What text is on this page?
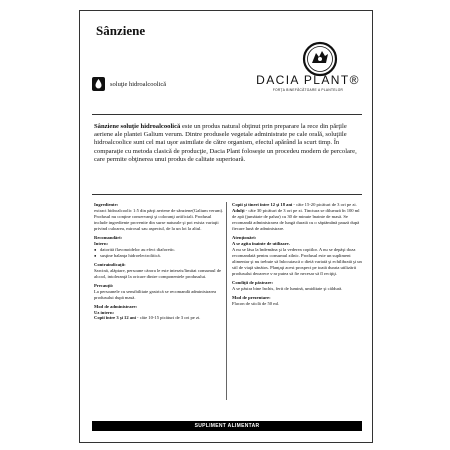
Sânziene
soluţie hidroalcoolică	DACIA PLANT®
FORŢA BINEFĂCĂTOARE A PLANTELOR
Sânziene soluţie hidroalcoolică este un produs natural obţinut prin preparare la rece din părţile aeriene ale plantei Galium verum. Dintre produsele vegetale administrate pe cale orală, soluţiile hidroalcoolice sunt cel mai uşor asimilate de către organism, efectul apărând la scurt timp. În comparaţie cu metoda clasică de producţie, Dacia Plant foloseşte un procedeu modern de percolare, care permite obţinerea unui produs de calitate superioară.
Ingrediente:
extract hidroalcoolic 1:5 din părţi aeriene de sânziene(Galium verum). Produsul nu conţine conservanţi şi coloranţi artificiali. Produsul include ingrediente provenite din surse naturale şi pot exista variaţii privind culoarea, mirosul sau aspectul, de la un lot la altul.
Recomandări:
Intern:
● datorită flavonoidelor au efect diaforetic.
● susţine balanţa hidroelectrolitică.
Contraindicaţii:
Sarcină, alăptare, persoane cărora le este interzis/limitat consumul de alcool, intoleranţă la oricare dintre componentele produsului.
Precauţii:
La persoanele cu sensibilitate gastrică se recomandă administrarea produsului după masă.
Mod de administrare:
Uz intern:
Copii între 3 şi 12 ani - câte 10-15 picături de 3 ori pe zi.
Copii şi tineri între 12 şi 18 ani - câte 15-20 picături de 3 ori pe zi.
Adulţi - câte 30 picături de 3 ori pe zi. Tinctura se diluează în 100 ml de apă (jumătate de pahar) cu 30 de minute înainte de masă. Se recomandă administrarea de lungă durată cu o săptămână pauză după fiecare lună de administrare.
Atenţionări:
A se agita înainte de utilizare.
A nu se lăsa la îndemâna şi la vederea copiilor. A nu se depăşi doza recomandată pentru consumul zilnic. Produsul este un supliment alimentar şi nu trebuie să înlocuiască o dietă variată şi echilibrată şi un stil de viaţă sănătos. Planţaţi acest prospect pe toată durata utilizării produsului deoarece s-ar putea să fie necesar să îl reciţiţi.
Condiţii de păstrare:
A se păstra bine închis, ferit de lumină, umiditate şi căldură.
Mod de prezentare:
Flacon de sticlă de 50 ml.
SUPLIMENT ALIMENTAR
